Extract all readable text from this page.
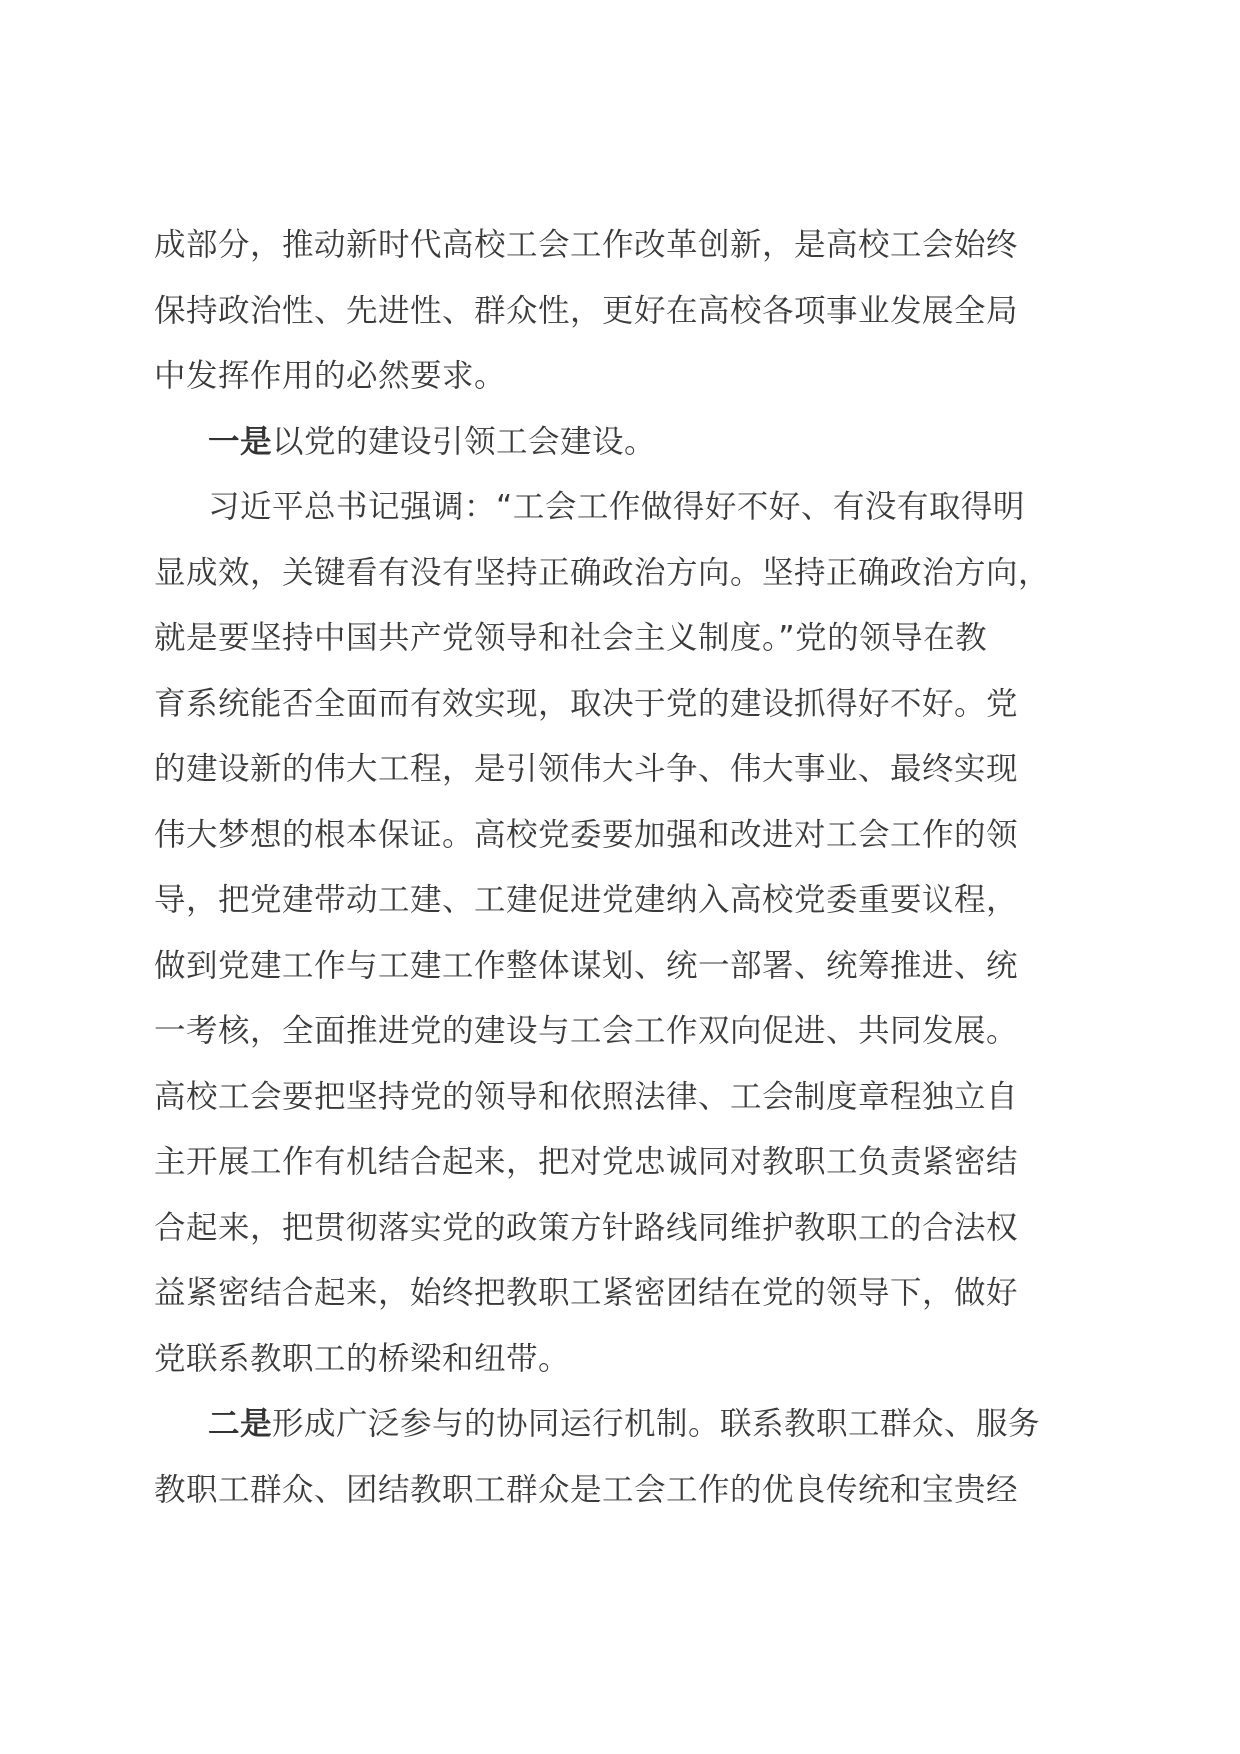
成部分，推动新时代高校工会工作改革创新，是高校工会始终
保持政治性、先进性、群众性，更好在高校各项事业发展全局
中发挥作用的必然要求。
一是以党的建设引领工会建设。
习近平总书记强调：“工会工作做得好不好、有没有取得明
显成效，关键看有没有坚持正确政治方向。坚持正确政治方向，
就是要坚持中国共产党领导和社会主义制度。”党的领导在教
育系统能否全面而有效实现，取决于党的建设抓得好不好。党
的建设新的伟大工程，是引领伟大斗争、伟大事业、最终实现
伟大梦想的根本保证。高校党委要加强和改进对工会工作的领
导，把党建带动工建、工建促进党建纳入高校党委重要议程，
做到党建工作与工建工作整体谋划、统一部署、统筹推进、统
一考核，全面推进党的建设与工会工作双向促进、共同发展。
高校工会要把坚持党的领导和依照法律、工会制度章程独立自
主开展工作有机结合起来，把对党忠诚同对教职工负责紧密结
合起来，把贯彻落实党的政策方针路线同维护教职工的合法权
益紧密结合起来，始终把教职工紧密团结在党的领导下，做好
党联系教职工的桥梁和纽带。
二是形成广泛参与的协同运行机制。联系教职工群众、服务
教职工群众、团结教职工群众是工会工作的优良传统和宝贵经
